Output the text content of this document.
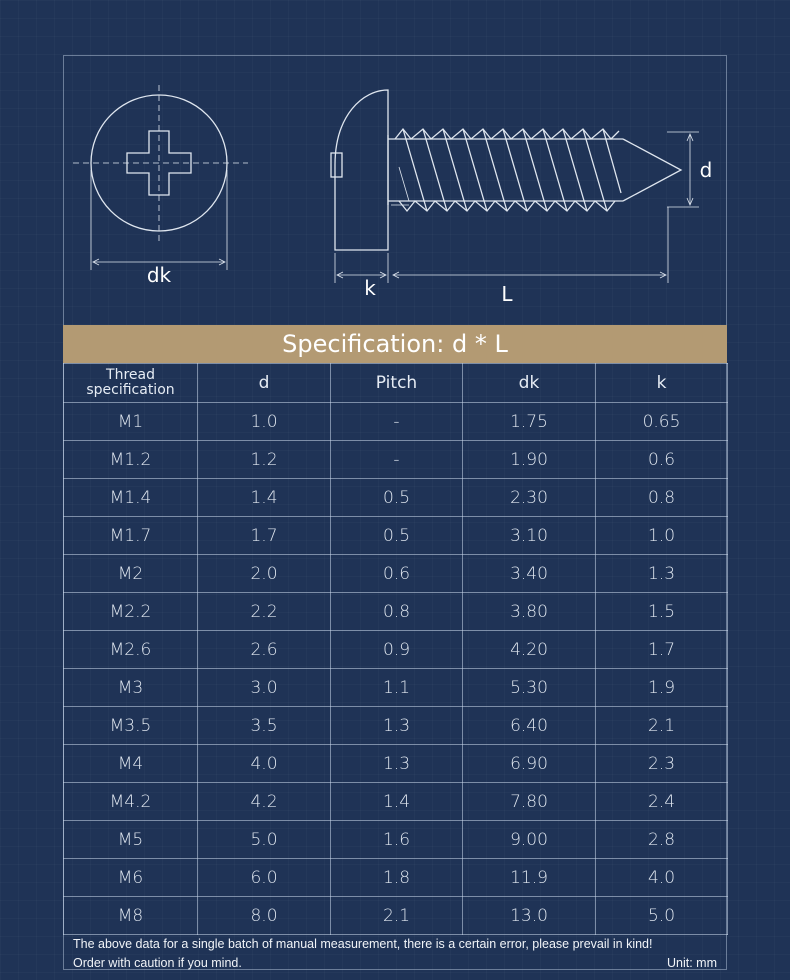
dk
k	L
d
Specification: d * L
Thread specification	d	Pitch	dk	k
M1	1.0	-	1.75	0.65
M1.2	1.2	-	1.90	0.6
M1.4	1.4	0.5	2.30	0.8
M1.7	1.7	0.5	3.10	1.0
M2	2.0	0.6	3.40	1.3
M2.2	2.2	0.8	3.80	1.5
M2.6	2.6	0.9	4.20	1.7
M3	3.0	1.1	5.30	1.9
M3.5	3.5	1.3	6.40	2.1
M4	4.0	1.3	6.90	2.3
M4.2	4.2	1.4	7.80	2.4
M5	5.0	1.6	9.00	2.8
M6	6.0	1.8	11.9	4.0
M8	8.0	2.1	13.0	5.0
The above data for a single batch of manual measurement, there is a certain error, please prevail in kind!
Order with caution if you mind.	Unit: mm
